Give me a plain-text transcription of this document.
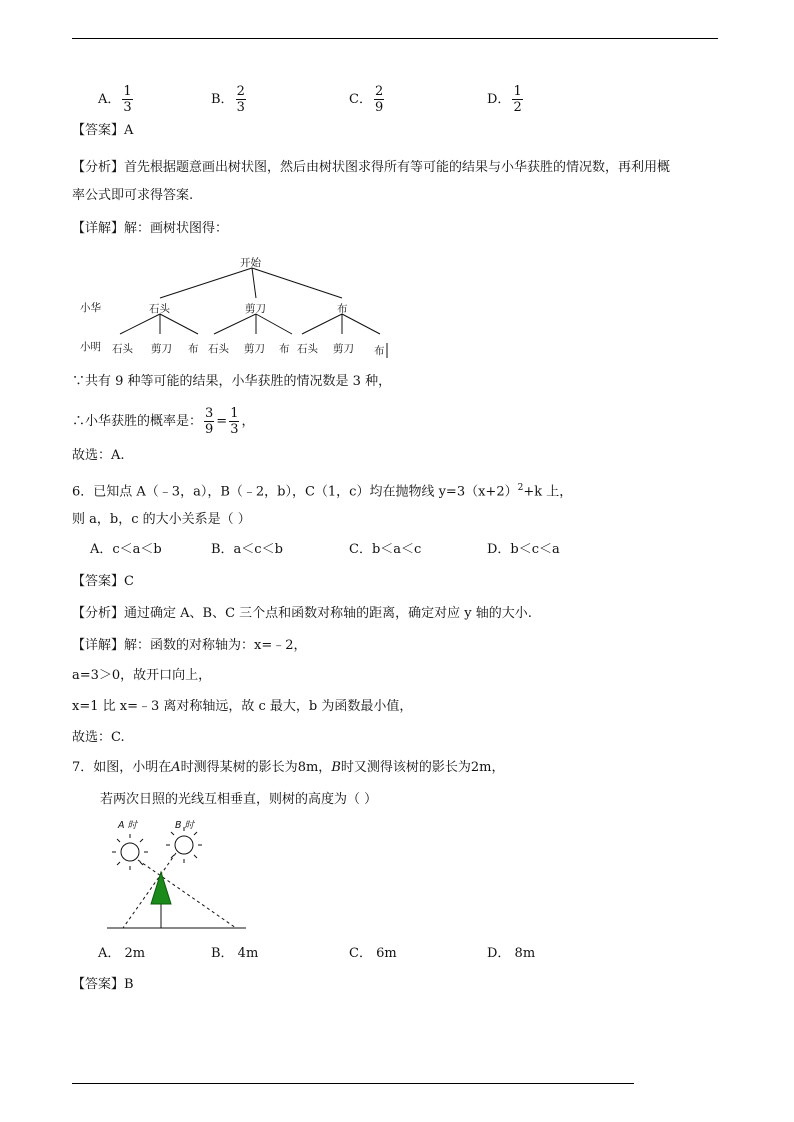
A． $\frac{1}{3}$	B． $\frac{2}{3}$	C． $\frac{2}{9}$	D． $\frac{1}{2}$
【答案】A
【分析】首先根据题意画出树状图，然后由树状图求得所有等可能的结果与小华获胜的情况数，再利用概
率公式即可求得答案.
【详解】解：画树状图得：
开始
小华
小明
石头	剪刀	布
石头 剪刀 布 石头 剪刀 布 石头 剪刀 布
∵共有 9 种等可能的结果，小华获胜的情况数是 3 种，
∴小华获胜的概率是： $\frac{3}{9} = \frac{1}{3}$ ，
故选：A.
6．已知点 A（﹣3，a），B（﹣2，b），C（1，c）均在抛物线 $y=3(x+2)^2+k$ 上，
则 a，b，c 的大小关系是（ ）
A．c＜a＜b	B．a＜c＜b	C．b＜a＜c	D．b＜c＜a
【答案】C
【分析】通过确定 A、B、C 三个点和函数对称轴的距离，确定对应 y 轴的大小.
【详解】解：函数的对称轴为：x=﹣2，
a=3＞0，故开口向上，
x=1 比 x=﹣3 离对称轴远，故 c 最大，b 为函数最小值，
故选：C.
7．如图，小明在A时测得某树的影长为8m，B时又测得该树的影长为2m，
若两次日照的光线互相垂直，则树的高度为（ ）
A 时	B 时
A． 2m	B． 4m	C． 6m	D． 8m
【答案】B
